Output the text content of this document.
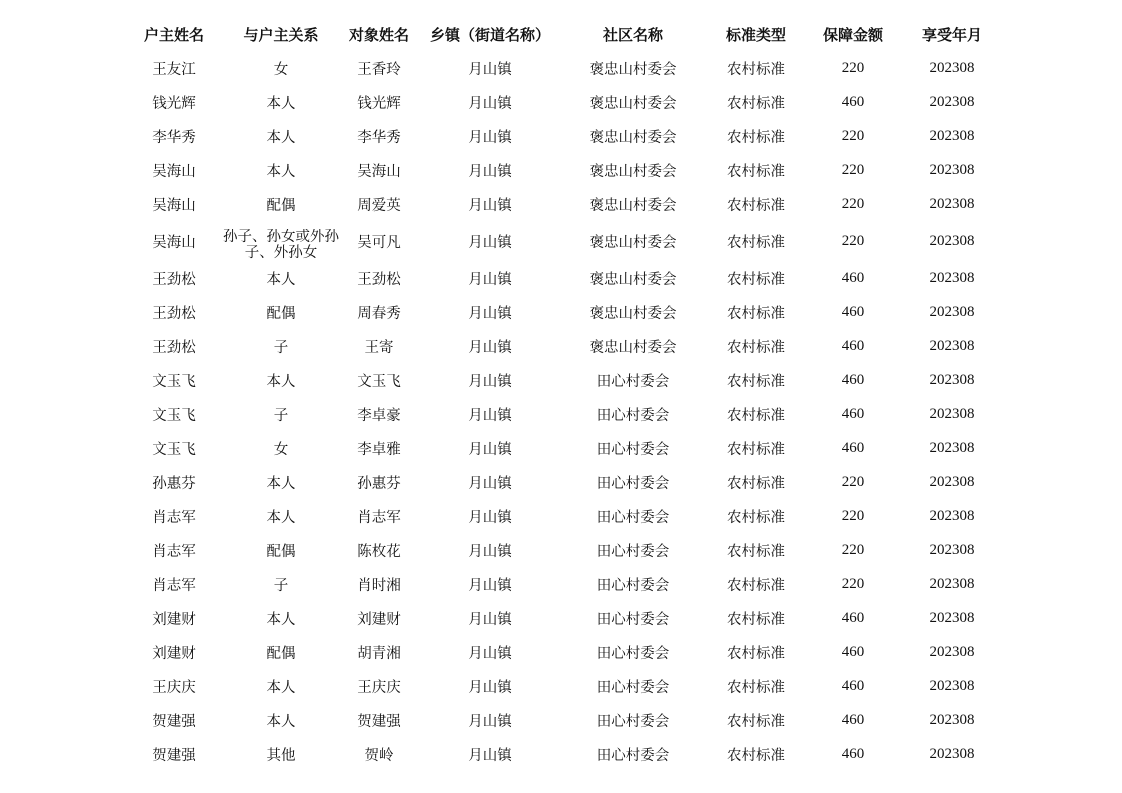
户主姓名	与户主关系	对象姓名	乡镇（街道名称）	社区名称	标准类型	保障金额	享受年月
王友江	女	王香玲	月山镇	褒忠山村委会	农村标准	220	202308
钱光辉	本人	钱光辉	月山镇	褒忠山村委会	农村标准	460	202308
李华秀	本人	李华秀	月山镇	褒忠山村委会	农村标准	220	202308
吴海山	本人	吴海山	月山镇	褒忠山村委会	农村标准	220	202308
吴海山	配偶	周爱英	月山镇	褒忠山村委会	农村标准	220	202308
吴海山	孙子、孙女或外孙子、外孙女	吴可凡	月山镇	褒忠山村委会	农村标准	220	202308
王劲松	本人	王劲松	月山镇	褒忠山村委会	农村标准	460	202308
王劲松	配偶	周春秀	月山镇	褒忠山村委会	农村标准	460	202308
王劲松	子	王寄	月山镇	褒忠山村委会	农村标准	460	202308
文玉飞	本人	文玉飞	月山镇	田心村委会	农村标准	460	202308
文玉飞	子	李卓豪	月山镇	田心村委会	农村标准	460	202308
文玉飞	女	李卓雅	月山镇	田心村委会	农村标准	460	202308
孙惠芬	本人	孙惠芬	月山镇	田心村委会	农村标准	220	202308
肖志军	本人	肖志军	月山镇	田心村委会	农村标准	220	202308
肖志军	配偶	陈枚花	月山镇	田心村委会	农村标准	220	202308
肖志军	子	肖时湘	月山镇	田心村委会	农村标准	220	202308
刘建财	本人	刘建财	月山镇	田心村委会	农村标准	460	202308
刘建财	配偶	胡青湘	月山镇	田心村委会	农村标准	460	202308
王庆庆	本人	王庆庆	月山镇	田心村委会	农村标准	460	202308
贺建强	本人	贺建强	月山镇	田心村委会	农村标准	460	202308
贺建强	其他	贺岭	月山镇	田心村委会	农村标准	460	202308
